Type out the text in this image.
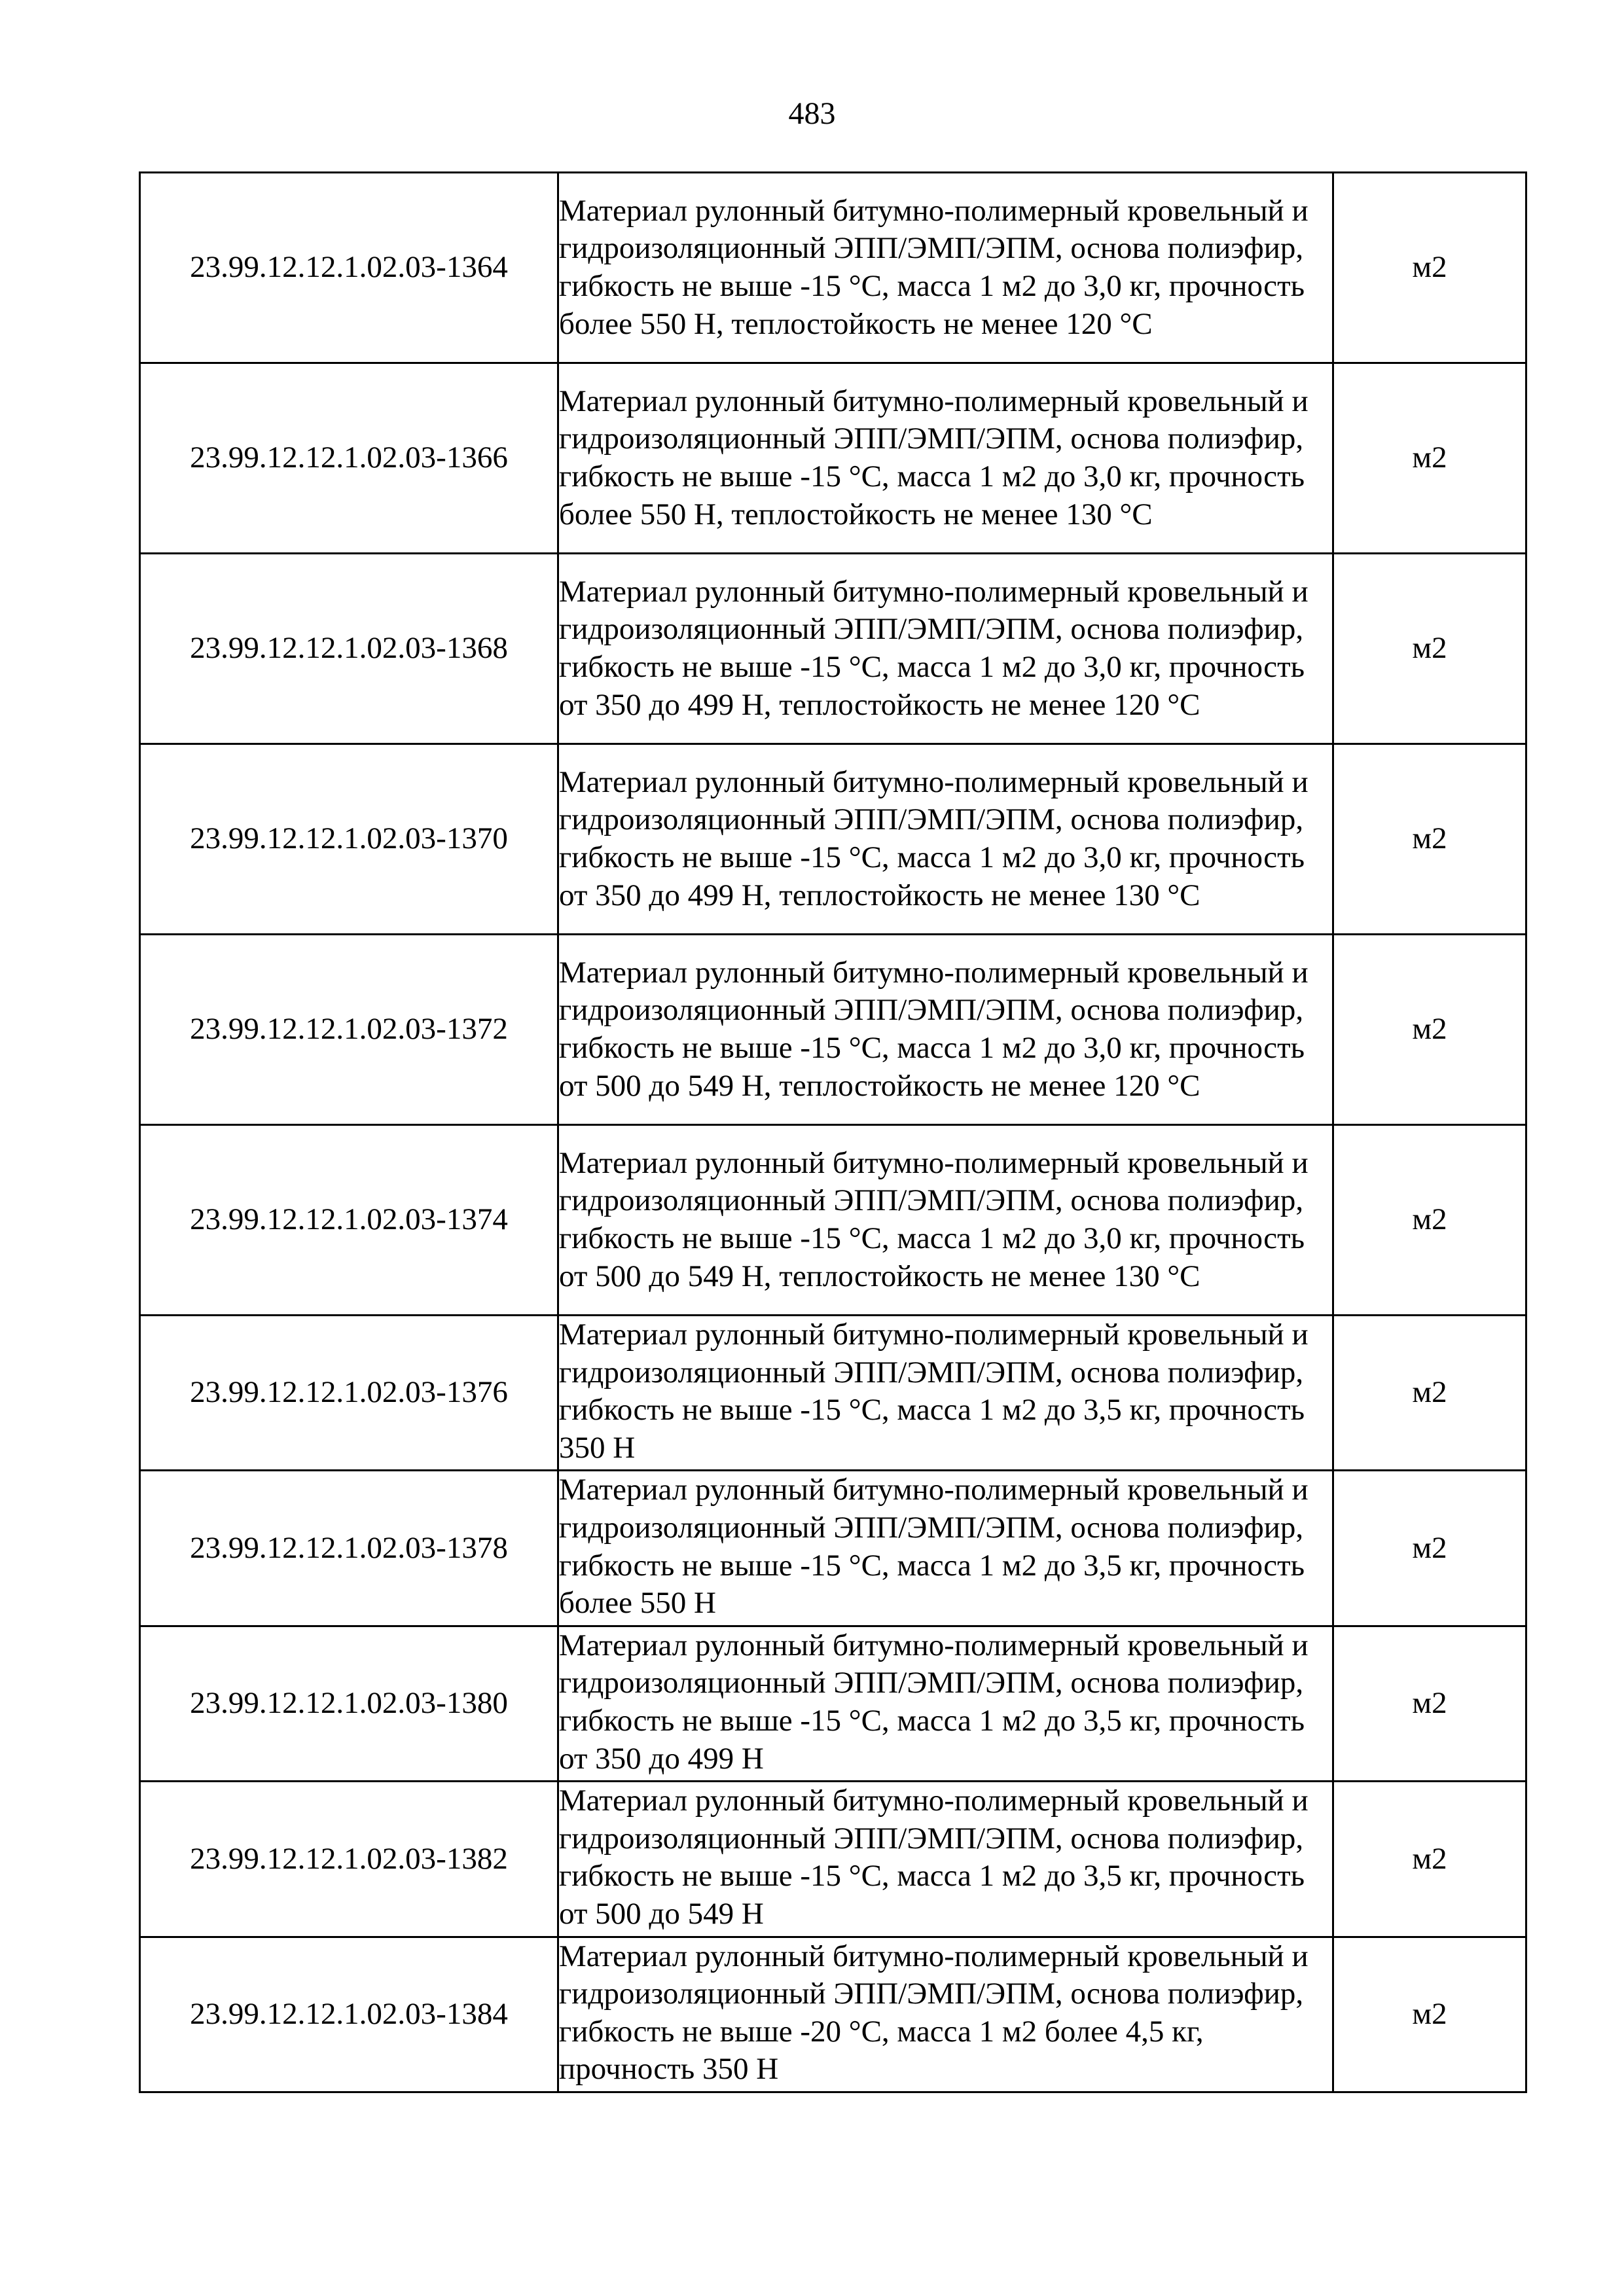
483
23.99.12.12.1.02.03-1364	Материал рулонный битумно-полимерный кровельный и гидроизоляционный ЭПП/ЭМП/ЭПМ, основа полиэфир, гибкость не выше -15 °С, масса 1 м2 до 3,0 кг, прочность более 550 Н, теплостойкость не менее 120 °С	м2
23.99.12.12.1.02.03-1366	Материал рулонный битумно-полимерный кровельный и гидроизоляционный ЭПП/ЭМП/ЭПМ, основа полиэфир, гибкость не выше -15 °С, масса 1 м2 до 3,0 кг, прочность более 550 Н, теплостойкость не менее 130 °С	м2
23.99.12.12.1.02.03-1368	Материал рулонный битумно-полимерный кровельный и гидроизоляционный ЭПП/ЭМП/ЭПМ, основа полиэфир, гибкость не выше -15 °С, масса 1 м2 до 3,0 кг, прочность от 350 до 499 Н, теплостойкость не менее 120 °С	м2
23.99.12.12.1.02.03-1370	Материал рулонный битумно-полимерный кровельный и гидроизоляционный ЭПП/ЭМП/ЭПМ, основа полиэфир, гибкость не выше -15 °С, масса 1 м2 до 3,0 кг, прочность от 350 до 499 Н, теплостойкость не менее 130 °С	м2
23.99.12.12.1.02.03-1372	Материал рулонный битумно-полимерный кровельный и гидроизоляционный ЭПП/ЭМП/ЭПМ, основа полиэфир, гибкость не выше -15 °С, масса 1 м2 до 3,0 кг, прочность от 500 до 549 Н, теплостойкость не менее 120 °С	м2
23.99.12.12.1.02.03-1374	Материал рулонный битумно-полимерный кровельный и гидроизоляционный ЭПП/ЭМП/ЭПМ, основа полиэфир, гибкость не выше -15 °С, масса 1 м2 до 3,0 кг, прочность от 500 до 549 Н, теплостойкость не менее 130 °С	м2
23.99.12.12.1.02.03-1376	Материал рулонный битумно-полимерный кровельный и гидроизоляционный ЭПП/ЭМП/ЭПМ, основа полиэфир, гибкость не выше -15 °С, масса 1 м2 до 3,5 кг, прочность 350 Н	м2
23.99.12.12.1.02.03-1378	Материал рулонный битумно-полимерный кровельный и гидроизоляционный ЭПП/ЭМП/ЭПМ, основа полиэфир, гибкость не выше -15 °С, масса 1 м2 до 3,5 кг, прочность более 550 Н	м2
23.99.12.12.1.02.03-1380	Материал рулонный битумно-полимерный кровельный и гидроизоляционный ЭПП/ЭМП/ЭПМ, основа полиэфир, гибкость не выше -15 °С, масса 1 м2 до 3,5 кг, прочность от 350 до 499 Н	м2
23.99.12.12.1.02.03-1382	Материал рулонный битумно-полимерный кровельный и гидроизоляционный ЭПП/ЭМП/ЭПМ, основа полиэфир, гибкость не выше -15 °С, масса 1 м2 до 3,5 кг, прочность от 500 до 549 Н	м2
23.99.12.12.1.02.03-1384	Материал рулонный битумно-полимерный кровельный и гидроизоляционный ЭПП/ЭМП/ЭПМ, основа полиэфир, гибкость не выше -20 °С, масса 1 м2 более 4,5 кг, прочность 350 Н	м2
